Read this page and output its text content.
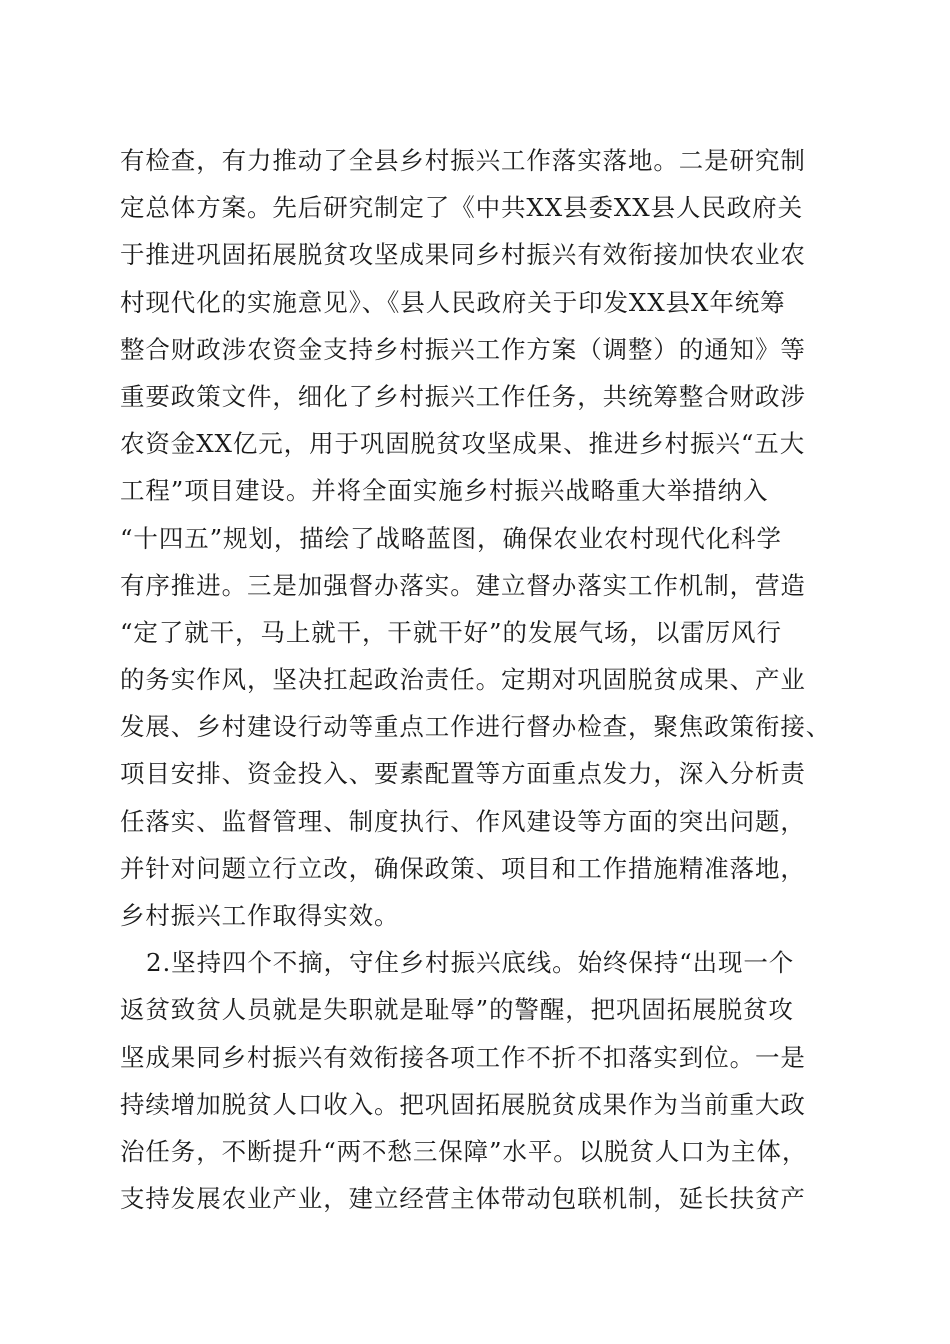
有检查，有力推动了全县乡村振兴工作落实落地。二是研究制
定总体方案。先后研究制定了《中共XX县委XX县人民政府关
于推进巩固拓展脱贫攻坚成果同乡村振兴有效衔接加快农业农
村现代化的实施意见》、《县人民政府关于印发XX县X年统筹
整合财政涉农资金支持乡村振兴工作方案（调整）的通知》等
重要政策文件，细化了乡村振兴工作任务，共统筹整合财政涉
农资金XX亿元，用于巩固脱贫攻坚成果、推进乡村振兴“五大
工程”项目建设。并将全面实施乡村振兴战略重大举措纳入
“十四五”规划，描绘了战略蓝图，确保农业农村现代化科学
有序推进。三是加强督办落实。建立督办落实工作机制，营造
“定了就干，马上就干，干就干好”的发展气场，以雷厉风行
的务实作风，坚决扛起政治责任。定期对巩固脱贫成果、产业
发展、乡村建设行动等重点工作进行督办检查，聚焦政策衔接、
项目安排、资金投入、要素配置等方面重点发力，深入分析责
任落实、监督管理、制度执行、作风建设等方面的突出问题，
并针对问题立行立改，确保政策、项目和工作措施精准落地，
乡村振兴工作取得实效。
2.坚持四个不摘，守住乡村振兴底线。始终保持“出现一个
返贫致贫人员就是失职就是耻辱”的警醒，把巩固拓展脱贫攻
坚成果同乡村振兴有效衔接各项工作不折不扣落实到位。一是
持续增加脱贫人口收入。把巩固拓展脱贫成果作为当前重大政
治任务，不断提升“两不愁三保障”水平。以脱贫人口为主体，
支持发展农业产业，建立经营主体带动包联机制，延长扶贫产
